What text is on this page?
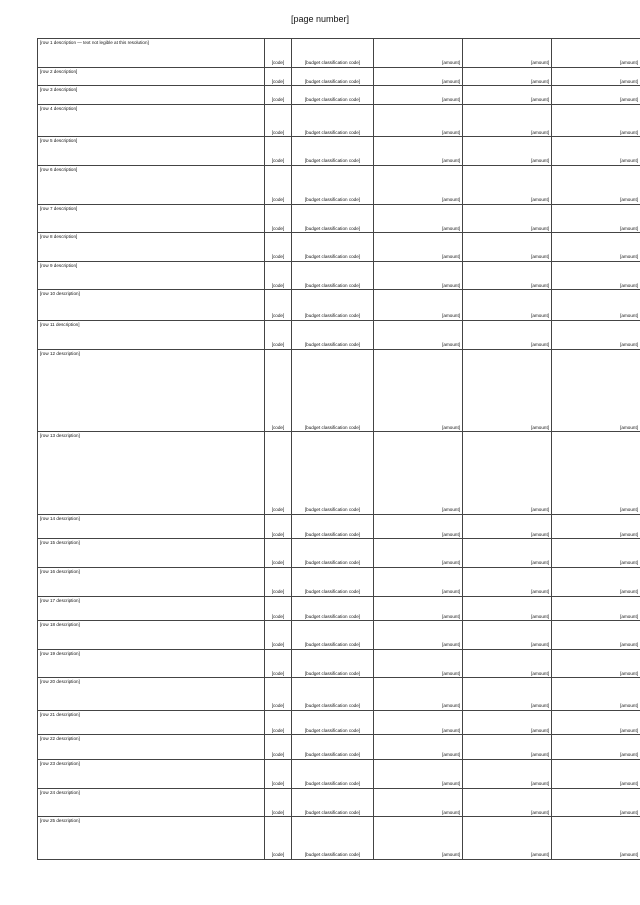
[page number]
[row 1 description — text not legible at this resolution]	[code]	[budget classification code]	[amount]	[amount]	[amount]
[row 2 description]	[code]	[budget classification code]	[amount]	[amount]	[amount]
[row 3 description]	[code]	[budget classification code]	[amount]	[amount]	[amount]
[row 4 description]	[code]	[budget classification code]	[amount]	[amount]	[amount]
[row 5 description]	[code]	[budget classification code]	[amount]	[amount]	[amount]
[row 6 description]	[code]	[budget classification code]	[amount]	[amount]	[amount]
[row 7 description]	[code]	[budget classification code]	[amount]	[amount]	[amount]
[row 8 description]	[code]	[budget classification code]	[amount]	[amount]	[amount]
[row 9 description]	[code]	[budget classification code]	[amount]	[amount]	[amount]
[row 10 description]	[code]	[budget classification code]	[amount]	[amount]	[amount]
[row 11 description]	[code]	[budget classification code]	[amount]	[amount]	[amount]
[row 12 description]	[code]	[budget classification code]	[amount]	[amount]	[amount]
[row 13 description]	[code]	[budget classification code]	[amount]	[amount]	[amount]
[row 14 description]	[code]	[budget classification code]	[amount]	[amount]	[amount]
[row 15 description]	[code]	[budget classification code]	[amount]	[amount]	[amount]
[row 16 description]	[code]	[budget classification code]	[amount]	[amount]	[amount]
[row 17 description]	[code]	[budget classification code]	[amount]	[amount]	[amount]
[row 18 description]	[code]	[budget classification code]	[amount]	[amount]	[amount]
[row 19 description]	[code]	[budget classification code]	[amount]	[amount]	[amount]
[row 20 description]	[code]	[budget classification code]	[amount]	[amount]	[amount]
[row 21 description]	[code]	[budget classification code]	[amount]	[amount]	[amount]
[row 22 description]	[code]	[budget classification code]	[amount]	[amount]	[amount]
[row 23 description]	[code]	[budget classification code]	[amount]	[amount]	[amount]
[row 24 description]	[code]	[budget classification code]	[amount]	[amount]	[amount]
[row 25 description]	[code]	[budget classification code]	[amount]	[amount]	[amount]
